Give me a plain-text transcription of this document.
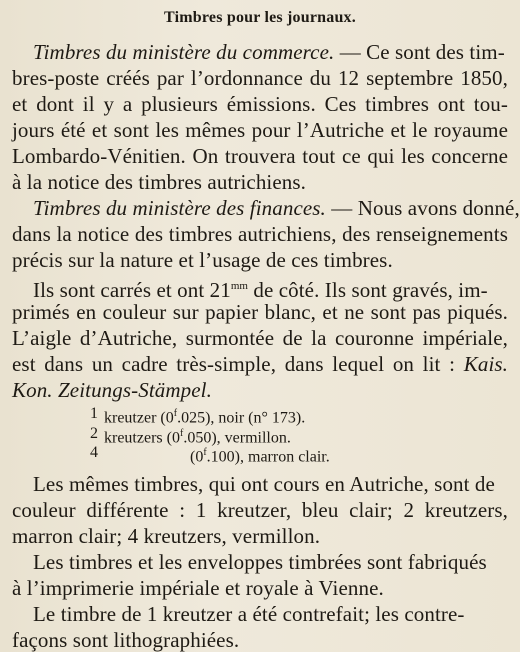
Timbres pour les journaux.
Timbres du ministère du commerce. — Ce sont des tim-
bres-poste créés par l’ordonnance du 12 septembre 1850,
et dont il y a plusieurs émissions. Ces timbres ont tou-
jours été et sont les mêmes pour l’Autriche et le royaume
Lombardo-Vénitien. On trouvera tout ce qui les concerne
à la notice des timbres autrichiens.
Timbres du ministère des finances. — Nous avons donné,
dans la notice des timbres autrichiens, des renseignements
précis sur la nature et l’usage de ces timbres.
Ils sont carrés et ont $21^{mm}$ de côté. Ils sont gravés, im-
primés en couleur sur papier blanc, et ne sont pas piqués.
L’aigle d’Autriche, surmontée de la couronne impériale,
est dans un cadre très-simple, dans lequel on lit : Kais.
Kon. Zeitungs-Stämpel.
1 kreutzer (0$^f$.025), noir (n° 173).
2 kreutzers (0$^f$.050), vermillon.
4	(0$^f$.100), marron clair.
Les mêmes timbres, qui ont cours en Autriche, sont de
couleur différente : 1 kreutzer, bleu clair; 2 kreutzers,
marron clair; 4 kreutzers, vermillon.
Les timbres et les enveloppes timbrées sont fabriqués
à l’imprimerie impériale et royale à Vienne.
Le timbre de 1 kreutzer a été contrefait; les contre-
façons sont lithographiées.
